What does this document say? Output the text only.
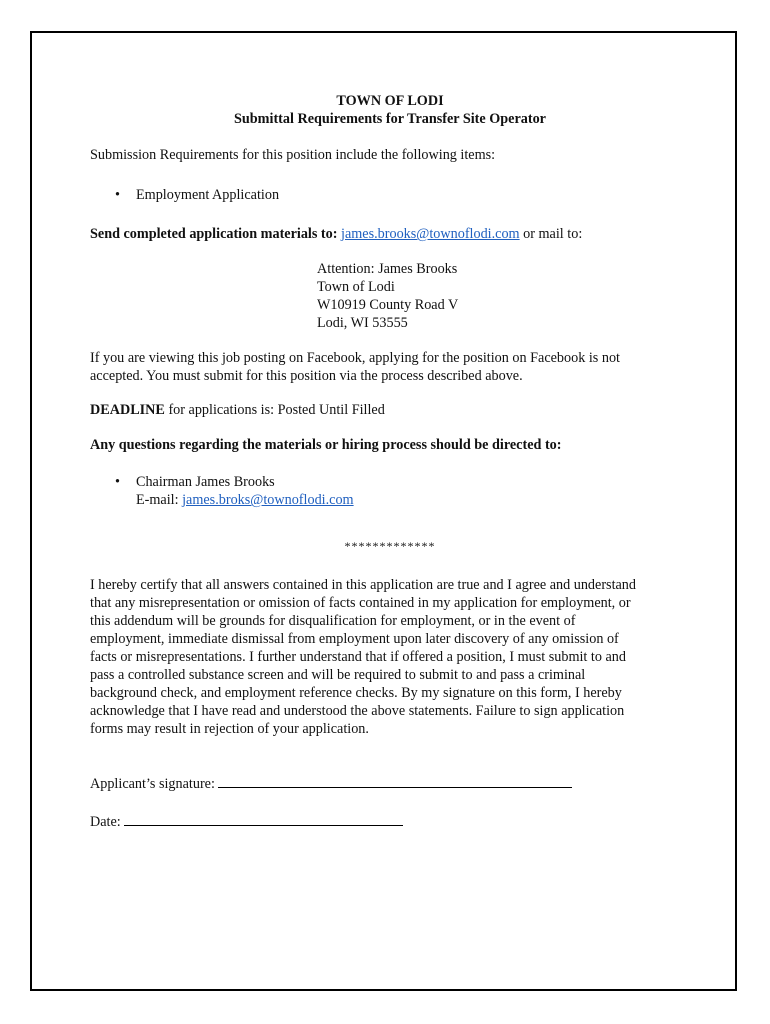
TOWN OF LODI
Submittal Requirements for Transfer Site Operator

Submission Requirements for this position include the following items:

• Employment Application

Send completed application materials to: james.brooks@townoflodi.com or mail to:

Attention: James Brooks
Town of Lodi
W10919 County Road V
Lodi, WI 53555
If you are viewing this job posting on Facebook, applying for the position on Facebook is not
accepted. You must submit for this position via the process described above.

DEADLINE for applications is: Posted Until Filled

Any questions regarding the materials or hiring process should be directed to:

• Chairman James Brooks
E-mail: james.broks@townoflodi.com
*************
I hereby certify that all answers contained in this application are true and I agree and understand
that any misrepresentation or omission of facts contained in my application for employment, or
this addendum will be grounds for disqualification for employment, or in the event of
employment, immediate dismissal from employment upon later discovery of any omission of
facts or misrepresentations. I further understand that if offered a position, I must submit to and
pass a controlled substance screen and will be required to submit to and pass a criminal
background check, and employment reference checks. By my signature on this form, I hereby
acknowledge that I have read and understood the above statements. Failure to sign application
forms may result in rejection of your application.

Applicant’s signature:

Date:
